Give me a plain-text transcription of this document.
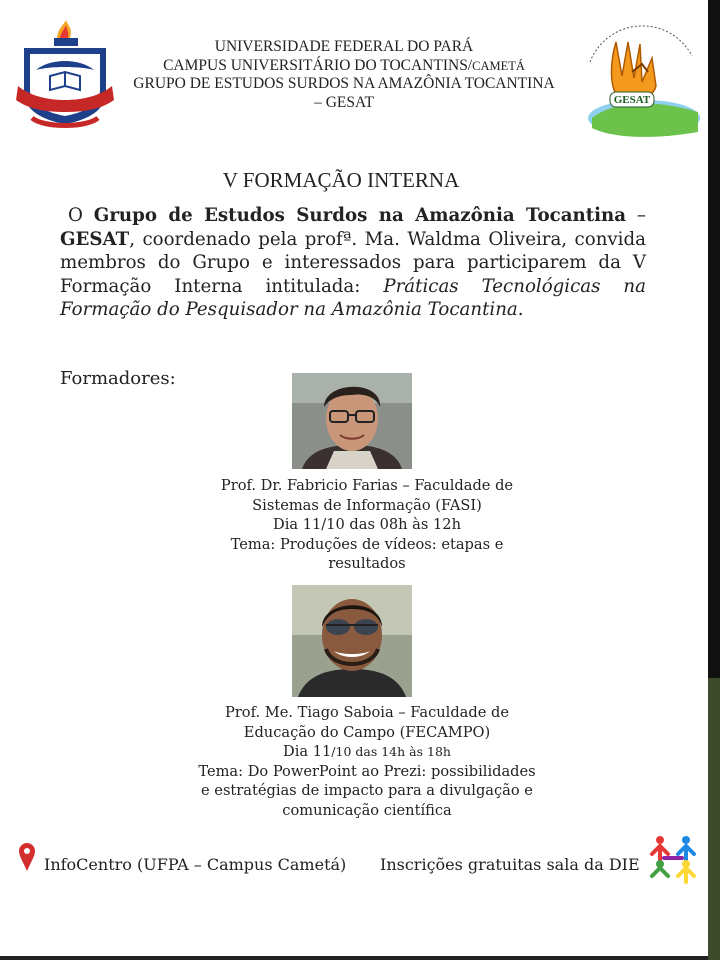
UNIVERSIDADE FEDERAL DO PARÁ
CAMPUS UNIVERSITÁRIO DO TOCANTINS/CAMETÁ
GRUPO DE ESTUDOS SURDOS NA AMAZÔNIA TOCANTINA
– GESAT	GESAT
V FORMAÇÃO INTERNA
O Grupo de Estudos Surdos na Amazônia Tocantina – GESAT, coordenado pela profª. Ma. Waldma Oliveira, convida membros do Grupo e interessados para participarem da V Formação Interna intitulada: Práticas Tecnológicas na Formação do Pesquisador na Amazônia Tocantina.
Formadores:
Prof. Dr. Fabricio Farias – Faculdade de
Sistemas de Informação (FASI)
Dia 11/10 das 08h às 12h
Tema: Produções de vídeos: etapas e
resultados
Prof. Me. Tiago Saboia – Faculdade de
Educação do Campo (FECAMPO)
Dia 11/10 das 14h às 18h
Tema: Do PowerPoint ao Prezi: possibilidades
e estratégias de impacto para a divulgação e
comunicação científica
InfoCentro (UFPA – Campus Cametá) Inscrições gratuitas sala da DIE
